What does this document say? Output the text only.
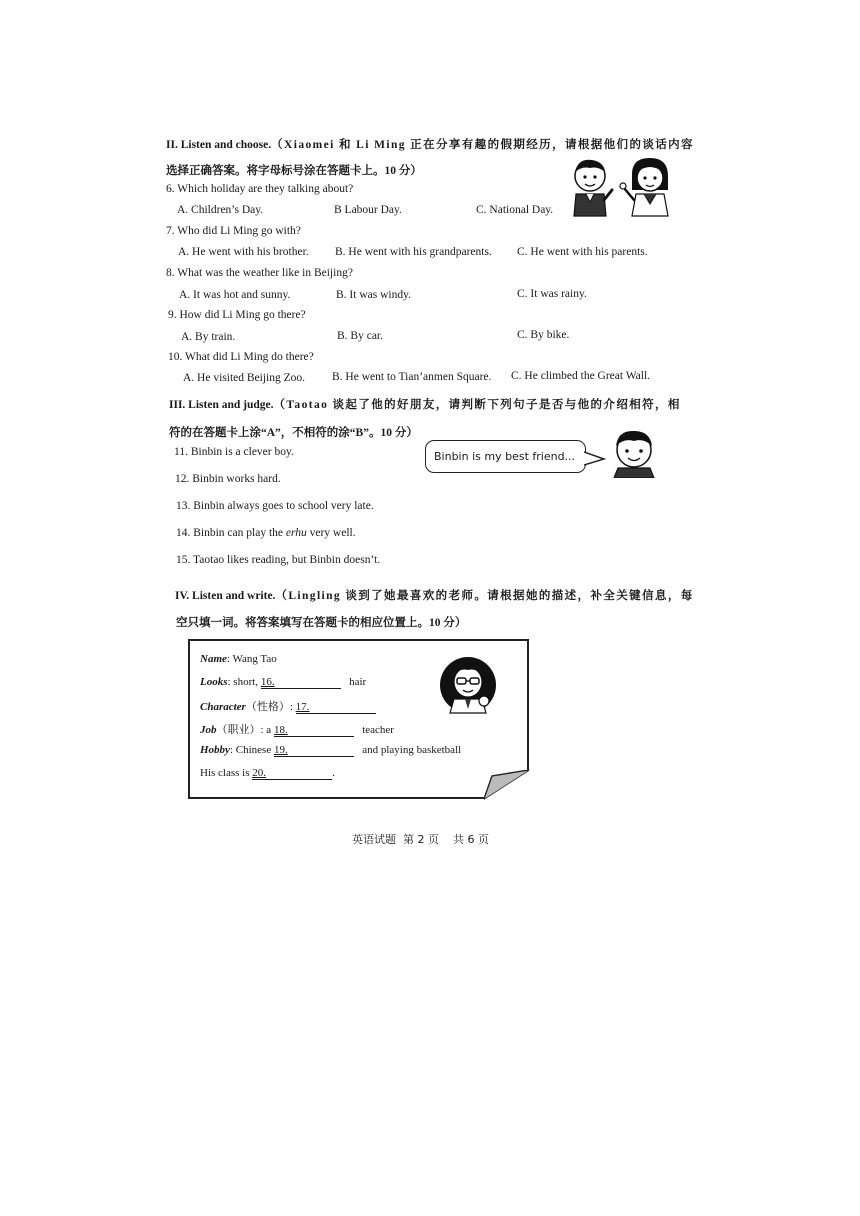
II. Listen and choose.（Xiaomei 和 Li Ming 正在分享有趣的假期经历，请根据他们的谈话内容
选择正确答案。将字母标号涂在答题卡上。10 分）
6. Which holiday are they talking about?
A. Children’s Day.	B Labour Day.	C. National Day.
7. Who did Li Ming go with?
A. He went with his brother. B. He went with his grandparents. C. He went with his parents.
8. What was the weather like in Beijing?
A. It was hot and sunny.	B. It was windy.	C. It was rainy.
9. How did Li Ming go there?
A. By train.	B. By car.	C. By bike.
10. What did Li Ming do there?
A. He visited Beijing Zoo. B. He went to Tian’anmen Square. C. He climbed the Great Wall.
III. Listen and judge.（Taotao 谈起了他的好朋友，请判断下列句子是否与他的介绍相符，相
符的在答题卡上涂“A”，不相符的涂“B”。10 分）
Binbin is my best friend...
11. Binbin is a clever boy.
12. Binbin works hard.
13. Binbin always goes to school very late.
14. Binbin can play the erhu very well.
15. Taotao likes reading, but Binbin doesn’t.
IV. Listen and write.（Lingling 谈到了她最喜欢的老师。请根据她的描述，补全关键信息，每
空只填一词。将答案填写在答题卡的相应位置上。10 分）
Name: Wang Tao
Looks: short, 16.	hair
Character（性格）: 17.
Job（职业）: a 18.	teacher
Hobby: Chinese 19.	and playing basketball
His class is 20.	.
英语试题  第 2 页    共 6 页
